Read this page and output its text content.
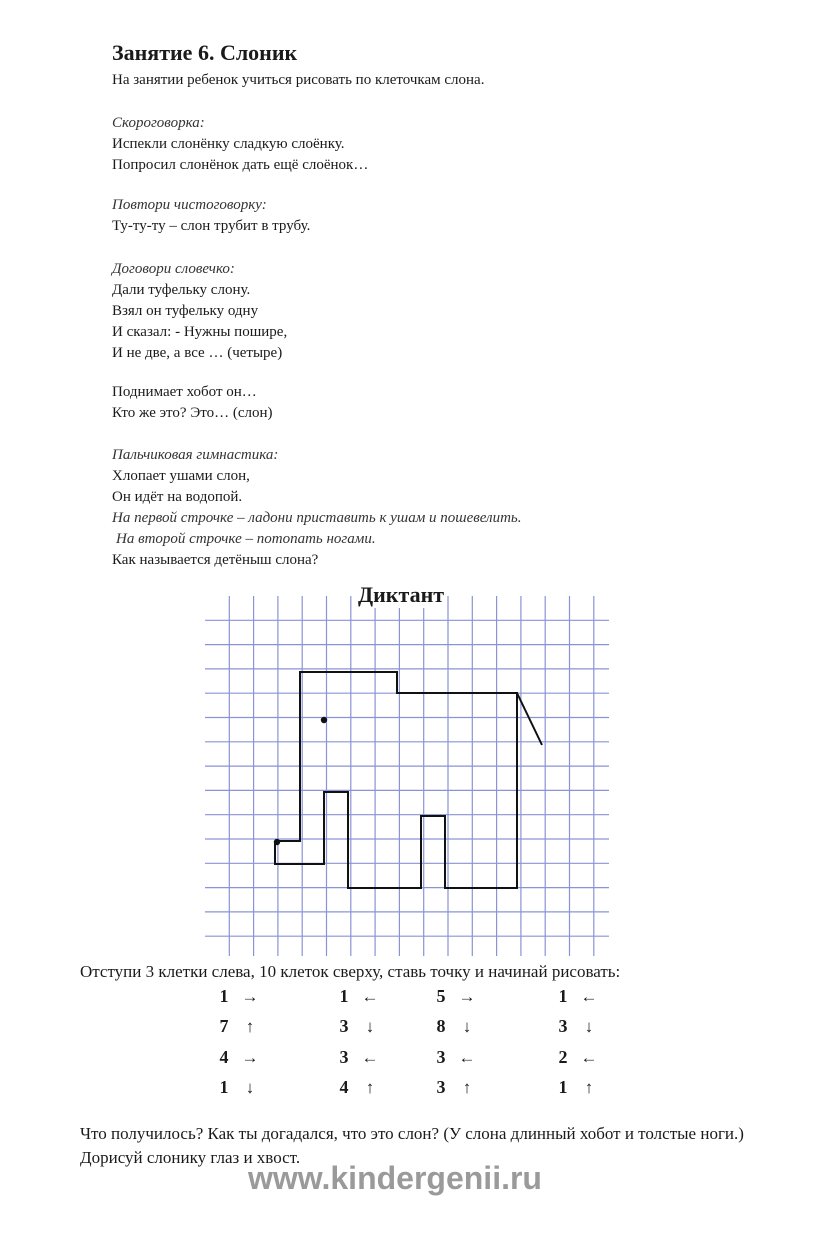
Занятие 6. Слоник
На занятии ребенок учиться рисовать по клеточкам слона.
Скороговорка:
Испекли слонёнку сладкую слоёнку.
Попросил слонёнок дать ещё слоёнок…
Повтори чистоговорку:
Ту-ту-ту – слон трубит в трубу.
Договори словечко:
Дали туфельку слону.
Взял он туфельку одну
И сказал: - Нужны пошире,
И не две, а все … (четыре)
Поднимает хобот он…
Кто же это? Это… (слон)
Пальчиковая гимнастика:
Хлопает ушами слон,
Он идёт на водопой.
На первой строчке – ладони приставить к ушам и пошевелить.
На второй строчке – потопать ногами.
Как называется детёныш слона?
Диктант
Отступи 3 клетки слева, 10 клеток сверху, ставь точку и начинай рисовать:
1 →
7 ↑
4 →
1 ↓
1 ←
3 ↓
3 ←
4 ↑
5 →
8 ↓
3 ←
3 ↑
1 ←
3 ↓
2 ←
1 ↑
Что получилось? Как ты догадался, что это слон? (У слона длинный хобот и толстые ноги.) Дорисуй слонику глаз и хвост.
www.kindergenii.ru
